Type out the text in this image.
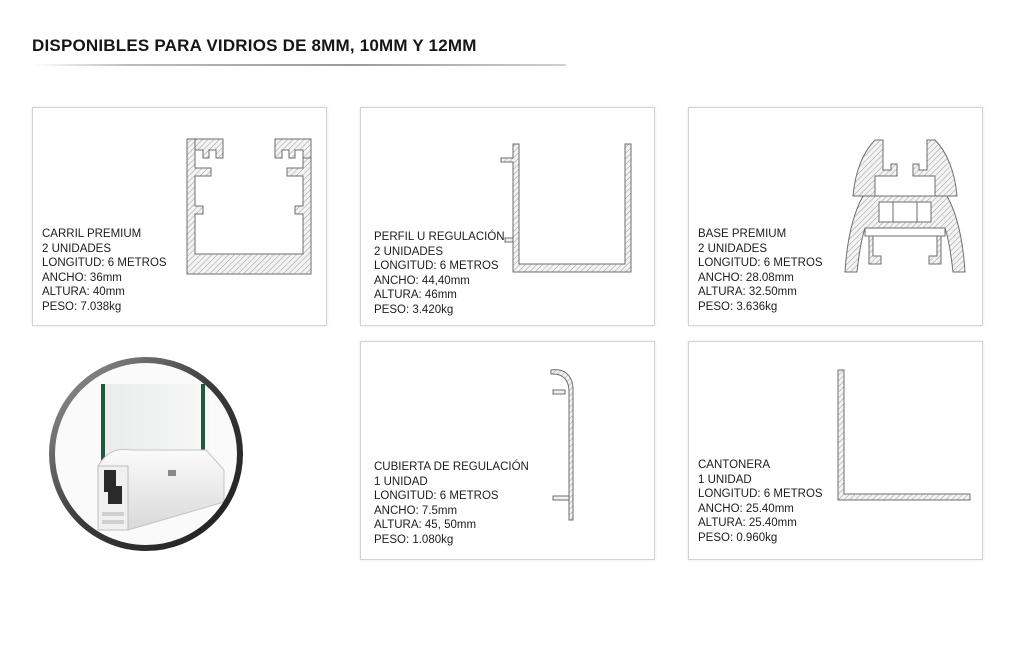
DISPONIBLES PARA VIDRIOS DE 8MM, 10MM Y 12MM
CARRIL PREMIUM
2 UNIDADES
LONGITUD: 6 METROS
ANCHO: 36mm
ALTURA: 40mm
PESO: 7.038kg
PERFIL U REGULACIÓN
2 UNIDADES
LONGITUD: 6 METROS
ANCHO: 44,40mm
ALTURA: 46mm
PESO: 3.420kg
BASE PREMIUM
2 UNIDADES
LONGITUD: 6 METROS
ANCHO: 28.08mm
ALTURA: 32.50mm
PESO: 3.636kg
CUBIERTA DE REGULACIÓN
1 UNIDAD
LONGITUD: 6 METROS
ANCHO: 7.5mm
ALTURA: 45, 50mm
PESO: 1.080kg
CANTONERA
1 UNIDAD
LONGITUD: 6 METROS
ANCHO: 25.40mm
ALTURA: 25.40mm
PESO: 0.960kg
